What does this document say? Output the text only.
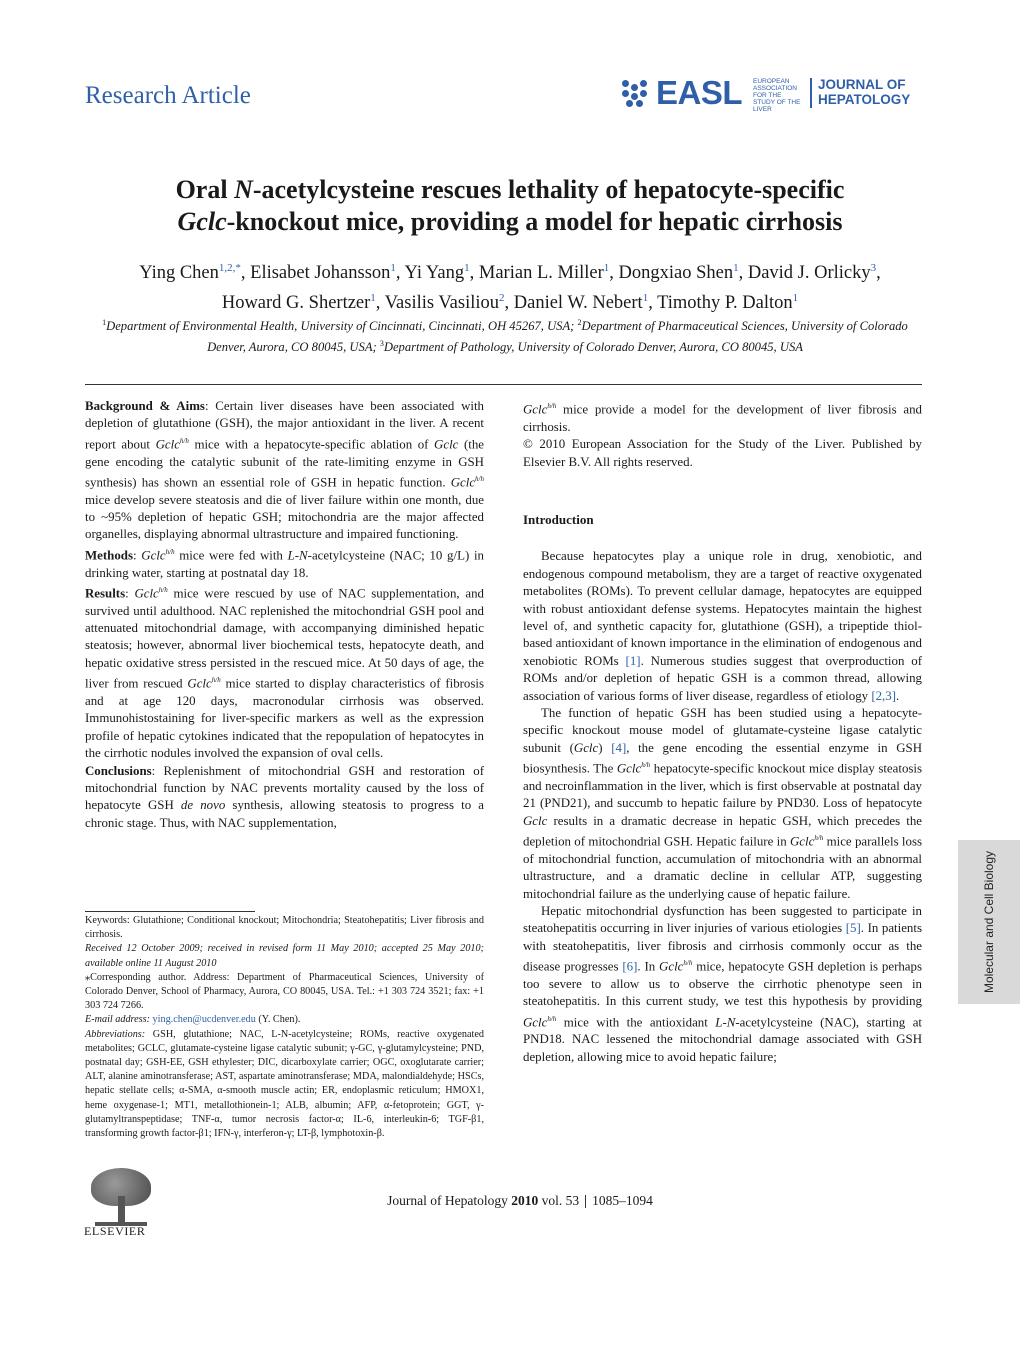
Research Article	EASL EUROPEAN ASSOCIATION FOR THE STUDY OF THE LIVER
JOURNAL OF
HEPATOLOGY
Oral N-acetylcysteine rescues lethality of hepatocyte-specific
Gclc-knockout mice, providing a model for hepatic cirrhosis
Ying Chen$^{1,2,*}$, Elisabet Johansson$^1$, Yi Yang$^1$, Marian L. Miller$^1$, Dongxiao Shen$^1$, David J. Orlicky$^3$,
Howard G. Shertzer$^1$, Vasilis Vasiliou$^2$, Daniel W. Nebert$^1$, Timothy P. Dalton$^1$
$^1$Department of Environmental Health, University of Cincinnati, Cincinnati, OH 45267, USA; $^2$Department of Pharmaceutical Sciences, University of Colorado Denver, Aurora, CO 80045, USA; $^3$Department of Pathology, University of Colorado Denver, Aurora, CO 80045, USA

Background & Aims: Certain liver diseases have been associated with depletion of glutathione (GSH), the major antioxidant in the liver. A recent report about Gclc$^{h/h}$ mice with a hepatocyte-specific ablation of Gclc (the gene encoding the catalytic subunit of the rate-limiting enzyme in GSH synthesis) has shown an essential role of GSH in hepatic function. Gclc$^{h/h}$ mice develop severe steatosis and die of liver failure within one month, due to ~95% depletion of hepatic GSH; mitochondria are the major affected organelles, displaying abnormal ultrastructure and impaired functioning.

Methods: Gclc$^{h/h}$ mice were fed with L-N-acetylcysteine (NAC; 10 g/L) in drinking water, starting at postnatal day 18.

Results: Gclc$^{h/h}$ mice were rescued by use of NAC supplementation, and survived until adulthood. NAC replenished the mitochondrial GSH pool and attenuated mitochondrial damage, with accompanying diminished hepatic steatosis; however, abnormal liver biochemical tests, hepatocyte death, and hepatic oxidative stress persisted in the rescued mice. At 50 days of age, the liver from rescued Gclc$^{h/h}$ mice started to display characteristics of fibrosis and at age 120 days, macronodular cirrhosis was observed. Immunohistostaining for liver-specific markers as well as the expression profile of hepatic cytokines indicated that the repopulation of hepatocytes in the cirrhotic nodules involved the expansion of oval cells.

Conclusions: Replenishment of mitochondrial GSH and restoration of mitochondrial function by NAC prevents mortality caused by the loss of hepatocyte GSH de novo synthesis, allowing steatosis to progress to a chronic stage. Thus, with NAC supplementation,

Keywords: Glutathione; Conditional knockout; Mitochondria; Steatohepatitis; Liver fibrosis and cirrhosis.

Received 12 October 2009; received in revised form 11 May 2010; accepted 25 May 2010; available online 11 August 2010

⁎Corresponding author. Address: Department of Pharmaceutical Sciences, University of Colorado Denver, School of Pharmacy, Aurora, CO 80045, USA. Tel.: +1 303 724 3521; fax: +1 303 724 7266.

E-mail address: ying.chen@ucdenver.edu (Y. Chen).

Abbreviations: GSH, glutathione; NAC, L-N-acetylcysteine; ROMs, reactive oxygenated metabolites; GCLC, glutamate-cysteine ligase catalytic subunit; γ-GC, γ-glutamylcysteine; PND, postnatal day; GSH-EE, GSH ethylester; DIC, dicarboxylate carrier; OGC, oxoglutarate carrier; ALT, alanine aminotransferase; AST, aspartate aminotransferase; MDA, malondialdehyde; HSCs, hepatic stellate cells; α-SMA, α-smooth muscle actin; ER, endoplasmic reticulum; HMOX1, heme oxygenase-1; MT1, metallothionein-1; ALB, albumin; AFP, α-fetoprotein; GGT, γ-glutamyltranspeptidase; TNF-α, tumor necrosis factor-α; IL-6, interleukin-6; TGF-β1, transforming growth factor-β1; IFN-γ, interferon-γ; LT-β, lymphotoxin-β.

Gclc$^{h/h}$ mice provide a model for the development of liver fibrosis and cirrhosis.

© 2010 European Association for the Study of the Liver. Published by Elsevier B.V. All rights reserved.

Introduction

Because hepatocytes play a unique role in drug, xenobiotic, and endogenous compound metabolism, they are a target of reactive oxygenated metabolites (ROMs). To prevent cellular damage, hepatocytes are equipped with robust antioxidant defense systems. Hepatocytes maintain the highest level of, and synthetic capacity for, glutathione (GSH), a tripeptide thiol-based antioxidant of known importance in the elimination of endogenous and xenobiotic ROMs [1]. Numerous studies suggest that overproduction of ROMs and/or depletion of hepatic GSH is a common thread, allowing association of various forms of liver disease, regardless of etiology [2,3].

The function of hepatic GSH has been studied using a hepatocyte-specific knockout mouse model of glutamate-cysteine ligase catalytic subunit (Gclc) [4], the gene encoding the essential enzyme in GSH biosynthesis. The Gclc$^{h/h}$ hepatocyte-specific knockout mice display steatosis and necroinflammation in the liver, which is first observable at postnatal day 21 (PND21), and succumb to hepatic failure by PND30. Loss of hepatocyte Gclc results in a dramatic decrease in hepatic GSH, which precedes the depletion of mitochondrial GSH. Hepatic failure in Gclc$^{h/h}$ mice parallels loss of mitochondrial function, accumulation of mitochondria with an abnormal ultrastructure, and a dramatic decline in cellular ATP, suggesting mitochondrial failure as the underlying cause of hepatic failure.

Hepatic mitochondrial dysfunction has been suggested to participate in steatohepatitis occurring in liver injuries of various etiologies [5]. In patients with steatohepatitis, liver fibrosis and cirrhosis commonly occur as the disease progresses [6]. In Gclc$^{h/h}$ mice, hepatocyte GSH depletion is perhaps too severe to allow us to observe the cirrhotic phenotype seen in steatohepatitis. In this current study, we test this hypothesis by providing Gclc$^{h/h}$ mice with the antioxidant L-N-acetylcysteine (NAC), starting at PND18. NAC lessened the mitochondrial damage associated with GSH depletion, allowing mice to avoid hepatic failure;

Molecular and Cell Biology
ELSEVIER
Journal of Hepatology 2010 vol. 53 1085–1094
